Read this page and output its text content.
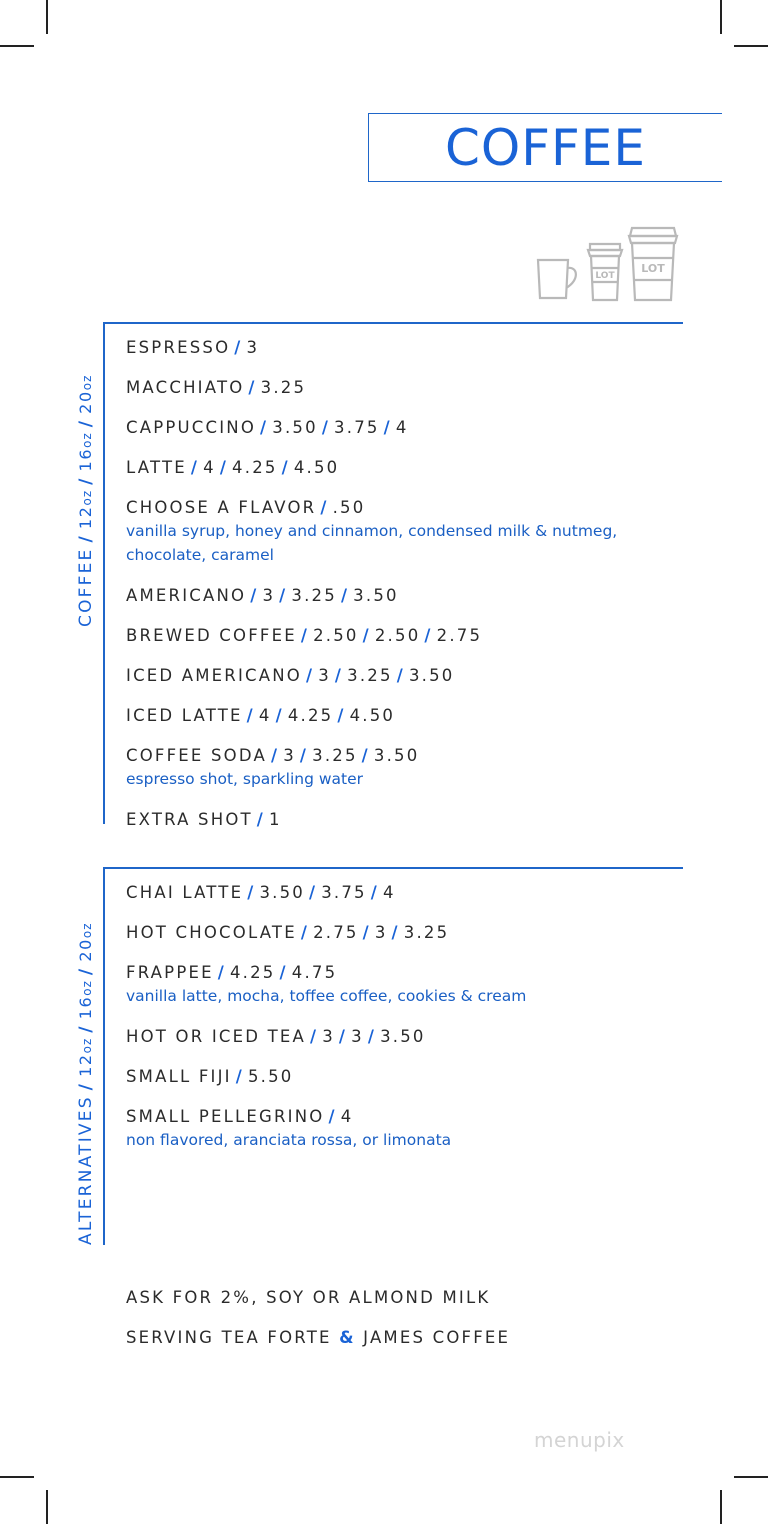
COFFEE
LOT
LOT
COFFEE/12oz/16oz/20oz
ESPRESSO / 3
MACCHIATO / 3.25
CAPPUCCINO / 3.50 / 3.75 / 4
LATTE / 4 / 4.25 / 4.50
CHOOSE A FLAVOR / .50
vanilla syrup, honey and cinnamon, condensed milk & nutmeg,
chocolate, caramel
AMERICANO / 3 / 3.25 / 3.50
BREWED COFFEE / 2.50 / 2.50 / 2.75
ICED AMERICANO / 3 / 3.25 / 3.50
ICED LATTE / 4 / 4.25 / 4.50
COFFEE SODA / 3 / 3.25 / 3.50
espresso shot, sparkling water
EXTRA SHOT / 1
ALTERNATIVES/12oz/16oz/20oz
CHAI LATTE / 3.50 / 3.75 / 4
HOT CHOCOLATE / 2.75 / 3 / 3.25
FRAPPEE / 4.25 / 4.75
vanilla latte, mocha, toffee coffee, cookies & cream
HOT OR ICED TEA / 3 / 3 / 3.50
SMALL FIJI / 5.50
SMALL PELLEGRINO / 4
non flavored, aranciata rossa, or limonata
ASK FOR 2%, SOY OR ALMOND MILK
SERVING TEA FORTE & JAMES COFFEE
menupix
